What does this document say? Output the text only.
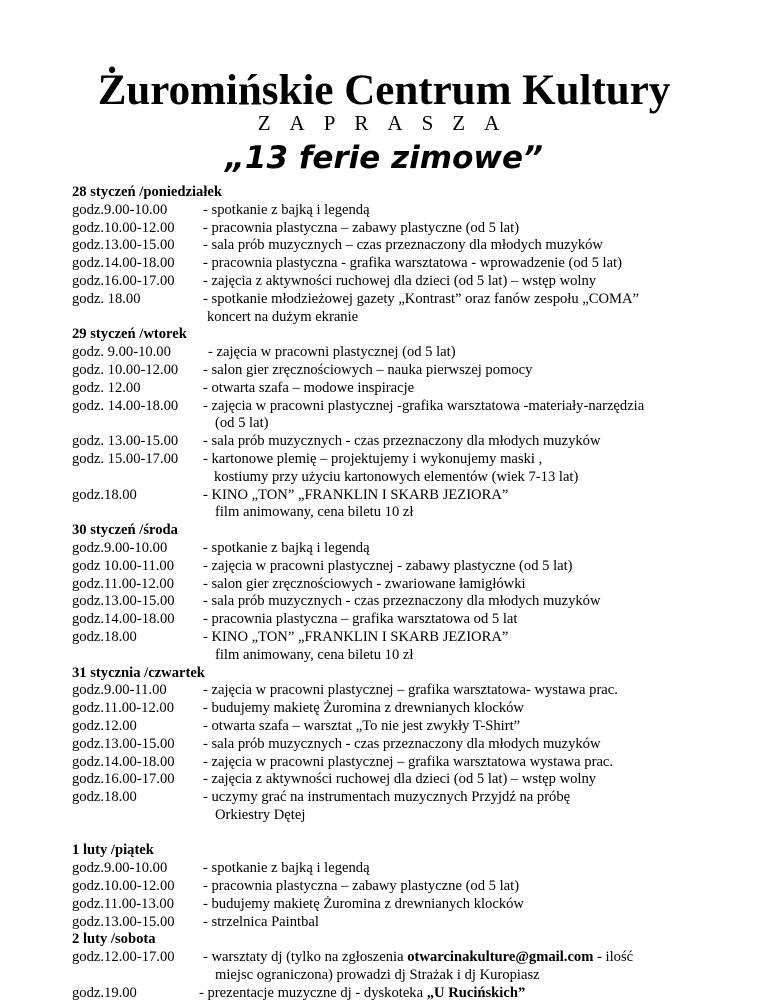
Żuromińskie Centrum Kultury
ZAPRASZA
„13 ferie zimowe”
28 styczeń /poniedziałek
godz.9.00-10.00 - spotkanie z bajką i legendą
godz.10.00-12.00 - pracownia plastyczna – zabawy plastyczne (od 5 lat)
godz.13.00-15.00 - sala prób muzycznych – czas przeznaczony dla młodych muzyków
godz.14.00-18.00 - pracownia plastyczna - grafika warsztatowa - wprowadzenie (od 5 lat)
godz.16.00-17.00 - zajęcia z aktywności ruchowej dla dzieci (od 5 lat) – wstęp wolny
godz. 18.00	- spotkanie młodzieżowej gazety „Kontrast” oraz fanów zespołu „COMA”
koncert na dużym ekranie
29 styczeń /wtorek
godz. 9.00-10.00	- zajęcia w pracowni plastycznej (od 5 lat)
godz. 10.00-12.00 - salon gier zręcznościowych – nauka pierwszej pomocy
godz. 12.00	- otwarta szafa – modowe inspiracje
godz. 14.00-18.00 - zajęcia w pracowni plastycznej -grafika warsztatowa -materiały-narzędzia
(od 5 lat)
godz. 13.00-15.00 - sala prób muzycznych - czas przeznaczony dla młodych muzyków
godz. 15.00-17.00 - kartonowe plemię – projektujemy i wykonujemy maski ,
kostiumy przy użyciu kartonowych elementów (wiek 7-13 lat)
godz.18.00	- KINO „TON” „FRANKLIN I SKARB JEZIORA”
film animowany, cena biletu 10 zł
30 styczeń /środa
godz.9.00-10.00 - spotkanie z bajką i legendą
godz 10.00-11.00 - zajęcia w pracowni plastycznej - zabawy plastyczne (od 5 lat)
godz.11.00-12.00 - salon gier zręcznościowych - zwariowane łamigłówki
godz.13.00-15.00 - sala prób muzycznych - czas przeznaczony dla młodych muzyków
godz.14.00-18.00 - pracownia plastyczna – grafika warsztatowa od 5 lat
godz.18.00	- KINO „TON” „FRANKLIN I SKARB JEZIORA”
film animowany, cena biletu 10 zł
31 stycznia /czwartek
godz.9.00-11.00 - zajęcia w pracowni plastycznej – grafika warsztatowa- wystawa prac.
godz.11.00-12.00 - budujemy makietę Żuromina z drewnianych klocków
godz.12.00	- otwarta szafa – warsztat „To nie jest zwykły T-Shirt”
godz.13.00-15.00 - sala prób muzycznych - czas przeznaczony dla młodych muzyków
godz.14.00-18.00 - zajęcia w pracowni plastycznej – grafika warsztatowa wystawa prac.
godz.16.00-17.00 - zajęcia z aktywności ruchowej dla dzieci (od 5 lat) – wstęp wolny
godz.18.00	- uczymy grać na instrumentach muzycznych Przyjdź na próbę
Orkiestry Dętej
1 luty /piątek
godz.9.00-10.00 - spotkanie z bajką i legendą
godz.10.00-12.00 - pracownia plastyczna – zabawy plastyczne (od 5 lat)
godz.11.00-13.00 - budujemy makietę Żuromina z drewnianych klocków
godz.13.00-15.00 - strzelnica Paintbal
2 luty /sobota
godz.12.00-17.00 - warsztaty dj (tylko na zgłoszenia otwarcinakulture@gmail.com - ilość
miejsc ograniczona) prowadzi dj Strażak i dj Kuropiasz
godz.19.00	- prezentacje muzyczne dj - dyskoteka „U Rucińskich”
